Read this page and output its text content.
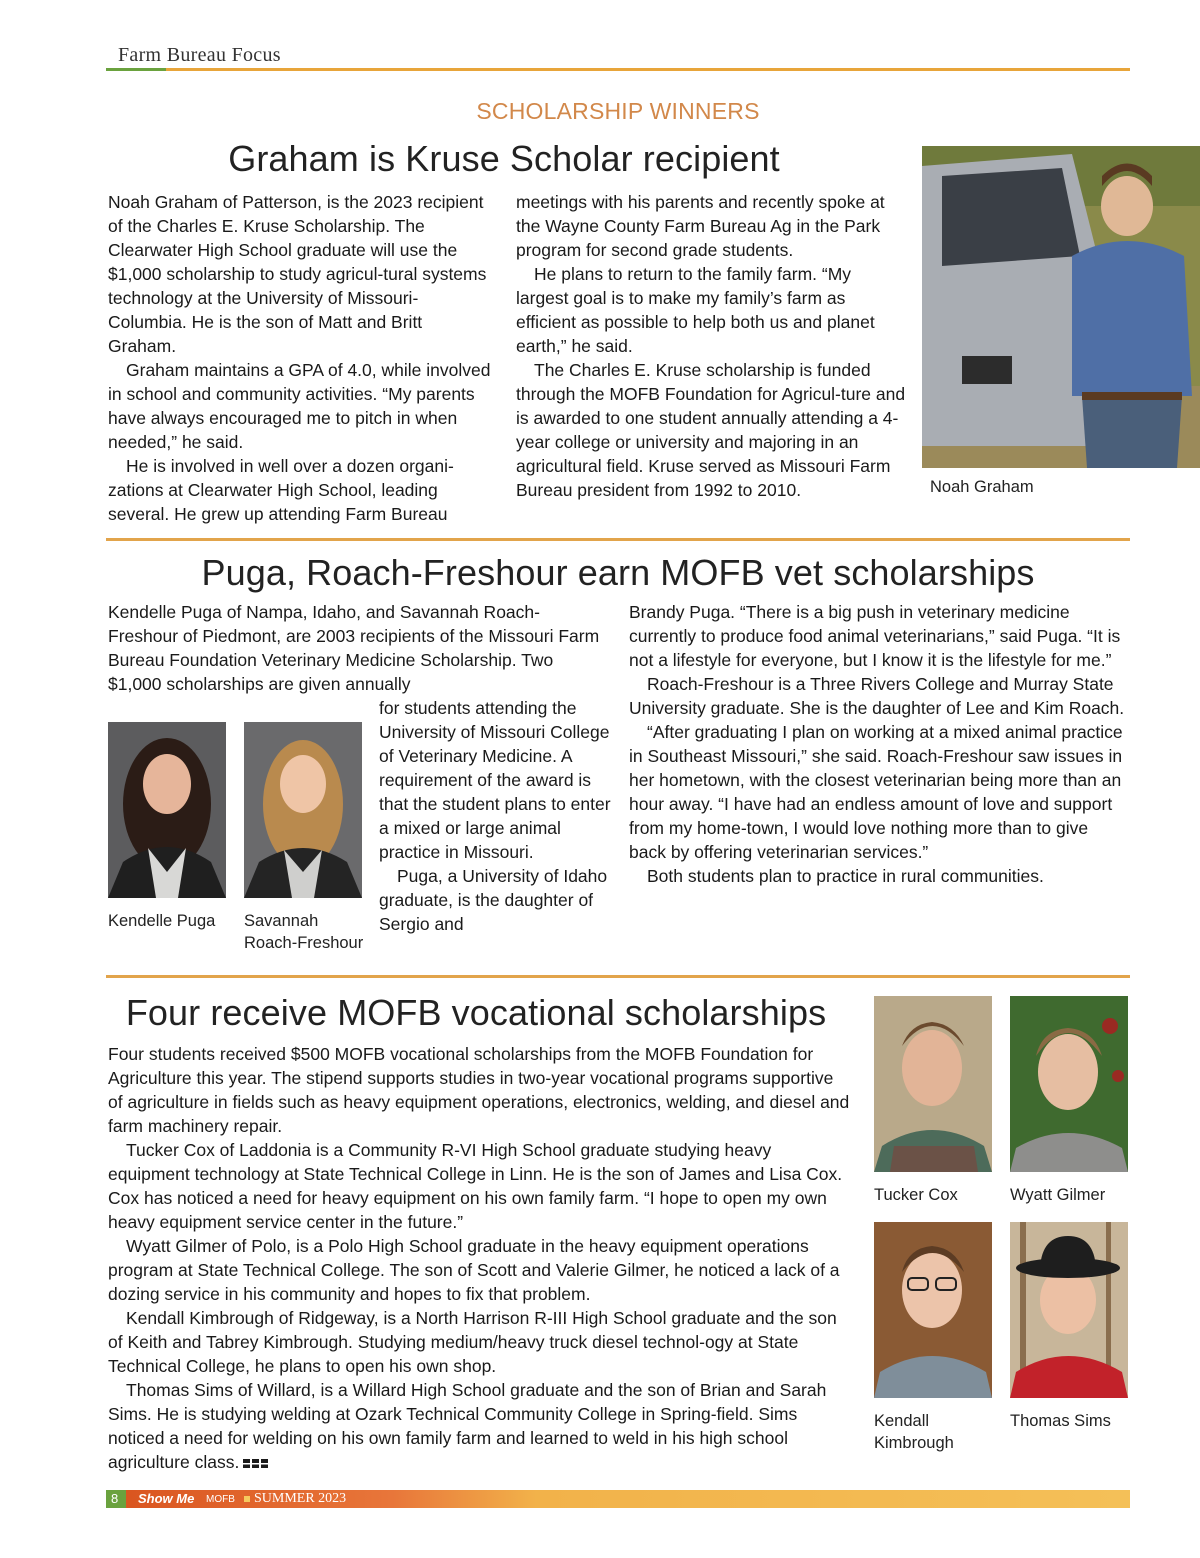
Farm Bureau Focus
SCHOLARSHIP WINNERS
Graham is Kruse Scholar recipient

Noah Graham of Patterson, is the 2023 recipient of the Charles E. Kruse Scholarship. The Clearwater High School graduate will use the $1,000 scholarship to study agricul-tural systems technology at the University of Missouri-Columbia. He is the son of Matt and Britt Graham.

Graham maintains a GPA of 4.0, while involved in school and community activities. “My parents have always encouraged me to pitch in when needed,” he said.

He is involved in well over a dozen organi-zations at Clearwater High School, leading several. He grew up attending Farm Bureau

meetings with his parents and recently spoke at the Wayne County Farm Bureau Ag in the Park program for second grade students.

He plans to return to the family farm. “My largest goal is to make my family’s farm as efficient as possible to help both us and planet earth,” he said.

The Charles E. Kruse scholarship is funded through the MOFB Foundation for Agricul-ture and is awarded to one student annually attending a 4-year college or university and majoring in an agricultural field. Kruse served as Missouri Farm Bureau president from 1992 to 2010.	Noah Graham
Puga, Roach-Freshour earn MOFB vet scholarships

Kendelle Puga of Nampa, Idaho, and Savannah Roach-Freshour of Piedmont, are 2003 recipients of the Missouri Farm Bureau Foundation Veterinary Medicine Scholarship. Two $1,000 scholarships are given annually

Kendelle Puga	Savannah Roach-Freshour

for students attending the University of Missouri College of Veterinary Medicine. A requirement of the award is that the student plans to enter a mixed or large animal practice in Missouri.

Puga, a University of Idaho graduate, is the daughter of Sergio and

Brandy Puga. “There is a big push in veterinary medicine currently to produce food animal veterinarians,” said Puga. “It is not a lifestyle for everyone, but I know it is the lifestyle for me.”

Roach-Freshour is a Three Rivers College and Murray State University graduate. She is the daughter of Lee and Kim Roach.

“After graduating I plan on working at a mixed animal practice in Southeast Missouri,” she said. Roach-Freshour saw issues in her hometown, with the closest veterinarian being more than an hour away. “I have had an endless amount of love and support from my home-town, I would love nothing more than to give back by offering veterinarian services.”

Both students plan to practice in rural communities.

Four receive MOFB vocational scholarships

Four students received $500 MOFB vocational scholarships from the MOFB Foundation for Agriculture this year. The stipend supports studies in two-year vocational programs supportive of agriculture in fields such as heavy equipment operations, electronics, welding, and diesel and farm machinery repair.

Tucker Cox of Laddonia is a Community R-VI High School graduate studying heavy equipment technology at State Technical College in Linn. He is the son of James and Lisa Cox. Cox has noticed a need for heavy equipment on his own family farm. “I hope to open my own heavy equipment service center in the future.”

Wyatt Gilmer of Polo, is a Polo High School graduate in the heavy equipment operations program at State Technical College. The son of Scott and Valerie Gilmer, he noticed a lack of a dozing service in his community and hopes to fix that problem.

Kendall Kimbrough of Ridgeway, is a North Harrison R-III High School graduate and the son of Keith and Tabrey Kimbrough. Studying medium/heavy truck diesel technol-ogy at State Technical College, he plans to open his own shop.

Thomas Sims of Willard, is a Willard High School graduate and the son of Brian and Sarah Sims. He is studying welding at Ozark Technical Community College in Spring-field. Sims noticed a need for welding on his own family farm and learned to weld in his high school agriculture class.

Tucker Cox	Wyatt Gilmer
Kendall Kimbrough
Thomas Sims
8 Show Me MOFB SUMMER 2023
